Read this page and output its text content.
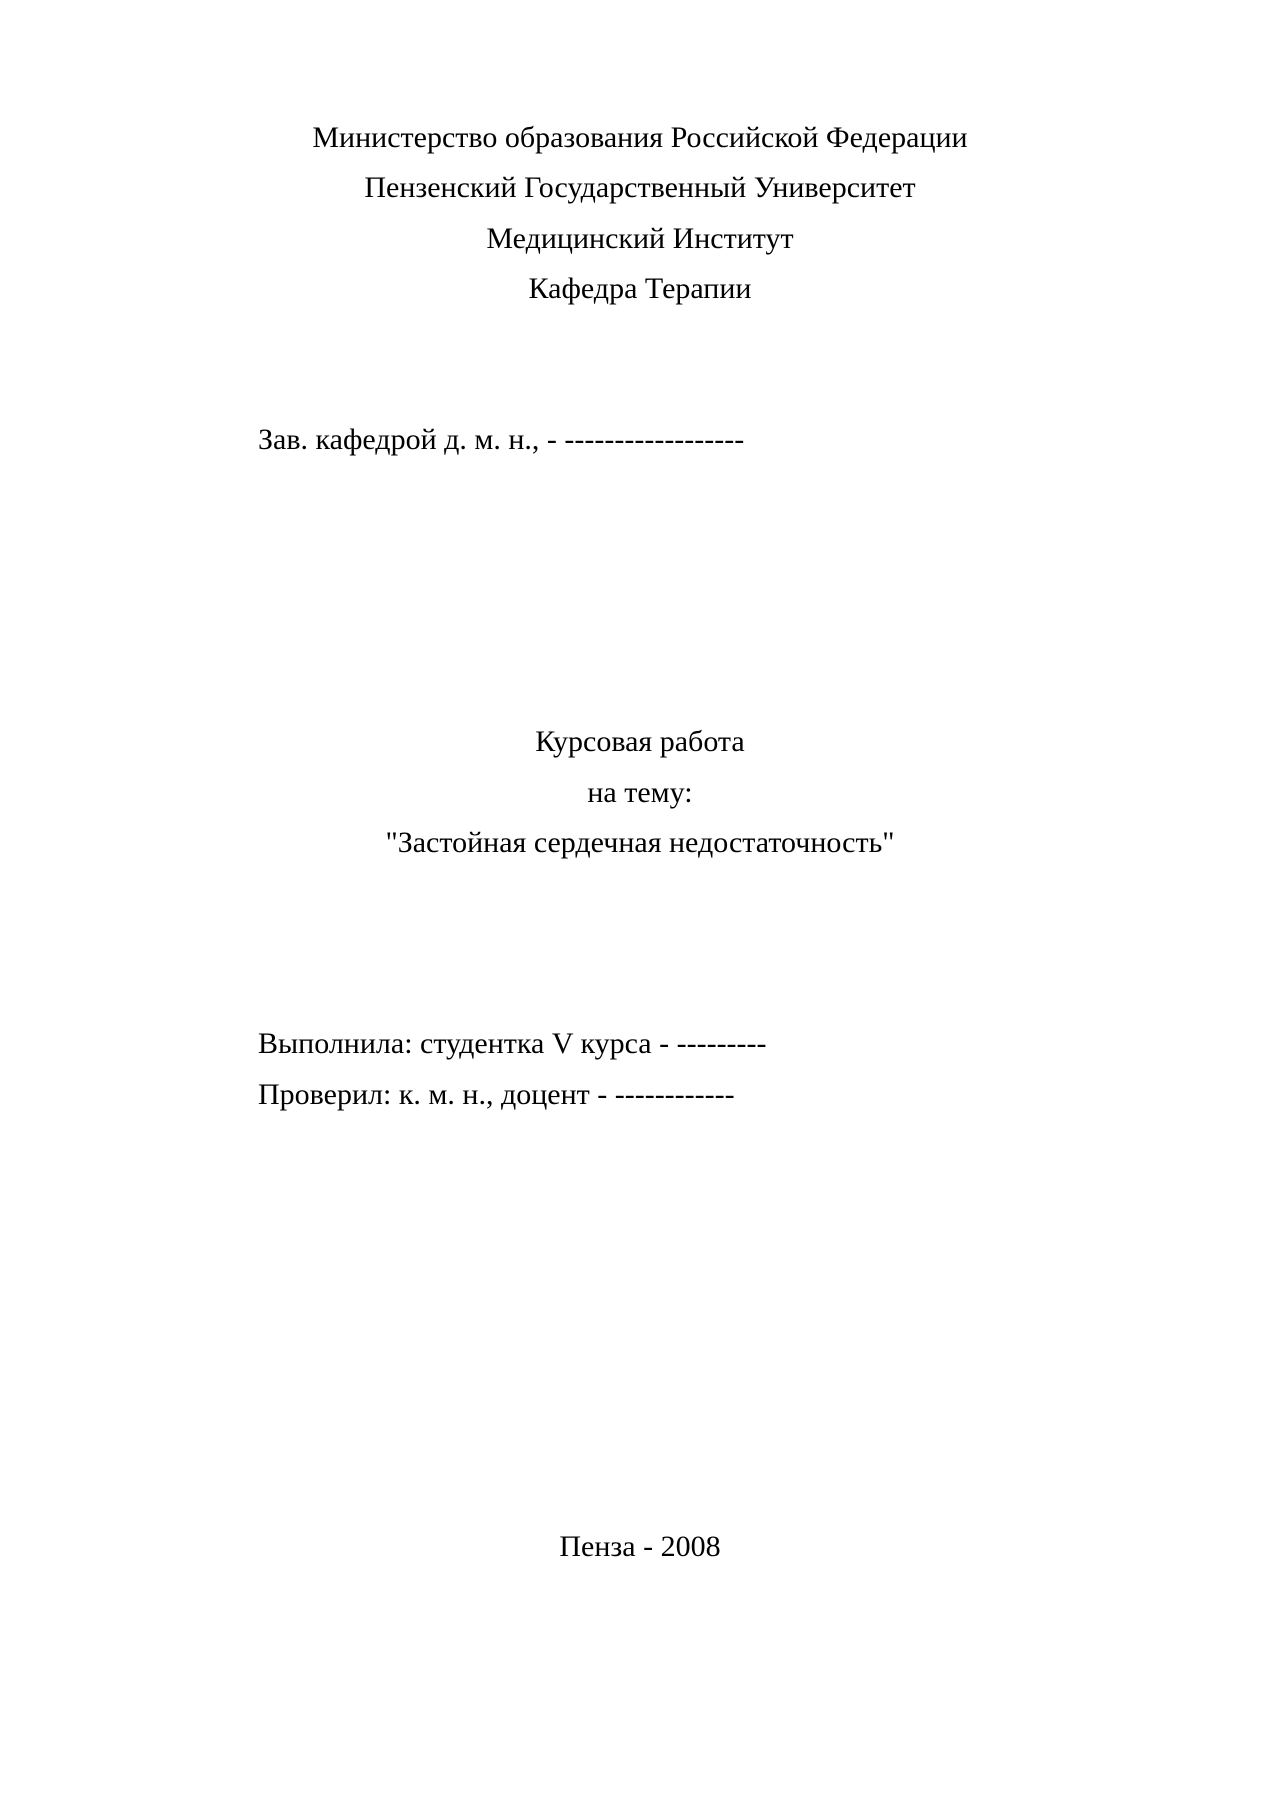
Министерство образования Российской Федерации
Пензенский Государственный Университет
Медицинский Институт
Кафедра Терапии
Зав. кафедрой д. м. н., - ------------------
Курсовая работа
на тему:
"Застойная сердечная недостаточность"
Выполнила: студентка V курса - ---------
Проверил: к. м. н., доцент - ------------
Пенза - 2008
